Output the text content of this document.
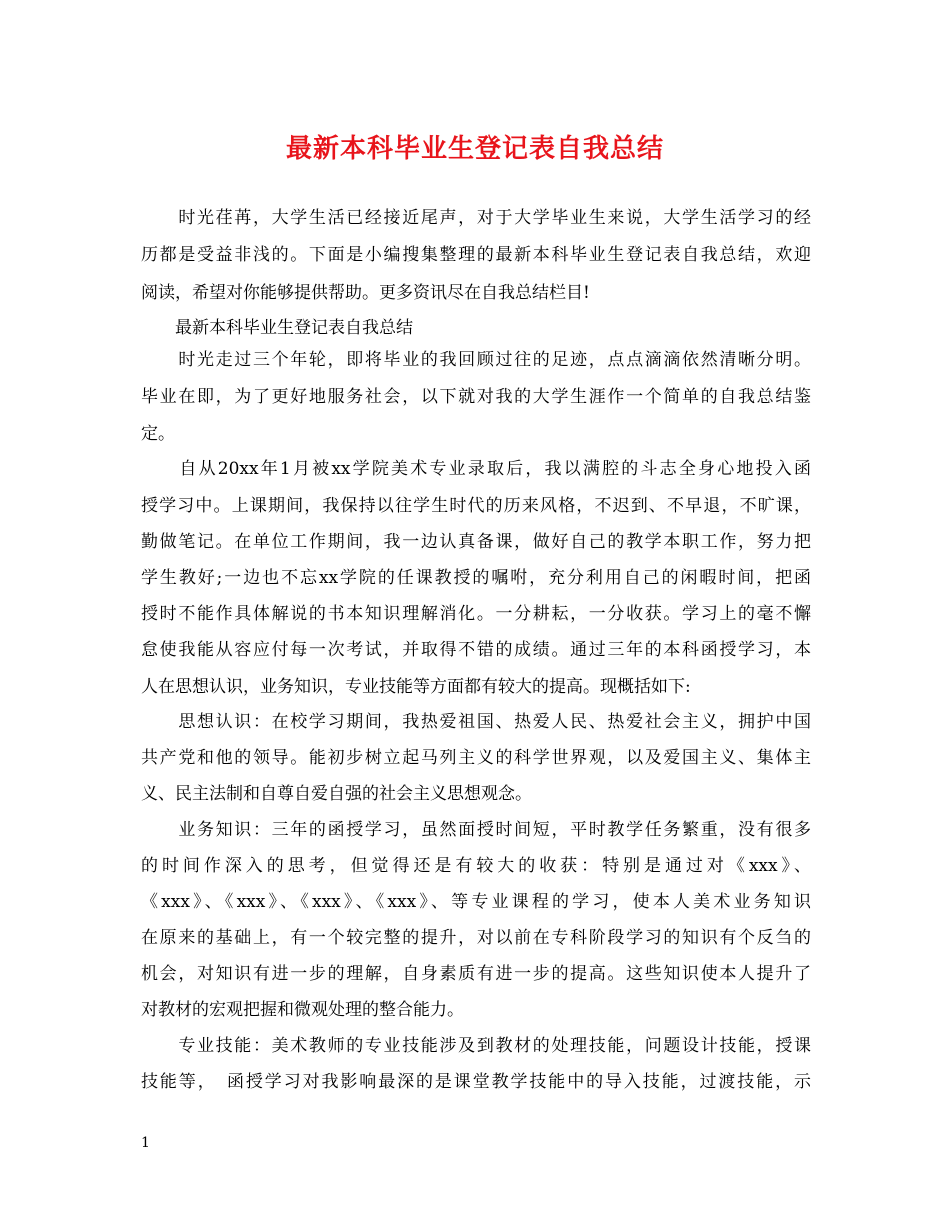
最新本科毕业生登记表自我总结
　　时光荏苒，大学生活已经接近尾声，对于大学毕业生来说，大学生活学习的经
历都是受益非浅的。下面是小编搜集整理的最新本科毕业生登记表自我总结，欢迎
阅读，希望对你能够提供帮助。更多资讯尽在自我总结栏目!
　　最新本科毕业生登记表自我总结
　　时光走过三个年轮，即将毕业的我回顾过往的足迹，点点滴滴依然清晰分明。
毕业在即，为了更好地服务社会，以下就对我的大学生涯作一个简单的自我总结鉴
定。
　　自从20xx年1月被xx学院美术专业录取后，我以满腔的斗志全身心地投入函
授学习中。上课期间，我保持以往学生时代的历来风格，不迟到、不早退，不旷课，
勤做笔记。在单位工作期间，我一边认真备课，做好自己的教学本职工作，努力把
学生教好;一边也不忘xx学院的任课教授的嘱咐，充分利用自己的闲暇时间，把函
授时不能作具体解说的书本知识理解消化。一分耕耘，一分收获。学习上的毫不懈
怠使我能从容应付每一次考试，并取得不错的成绩。通过三年的本科函授学习，本
人在思想认识，业务知识，专业技能等方面都有较大的提高。现概括如下:
　　思想认识：在校学习期间，我热爱祖国、热爱人民、热爱社会主义，拥护中国
共产党和他的领导。能初步树立起马列主义的科学世界观，以及爱国主义、集体主
义、民主法制和自尊自爱自强的社会主义思想观念。
　　业务知识：三年的函授学习，虽然面授时间短，平时教学任务繁重，没有很多
的时间作深入的思考，但觉得还是有较大的收获：特别是通过对《xxx》、
《xxx》、《xxx》、《xxx》、《xxx》、等专业课程的学习，使本人美术业务知识
在原来的基础上，有一个较完整的提升，对以前在专科阶段学习的知识有个反刍的
机会，对知识有进一步的理解，自身素质有进一步的提高。这些知识使本人提升了
对教材的宏观把握和微观处理的整合能力。
　　专业技能：美术教师的专业技能涉及到教材的处理技能，问题设计技能，授课
技能等，　函授学习对我影响最深的是课堂教学技能中的导入技能，过渡技能，示
1
